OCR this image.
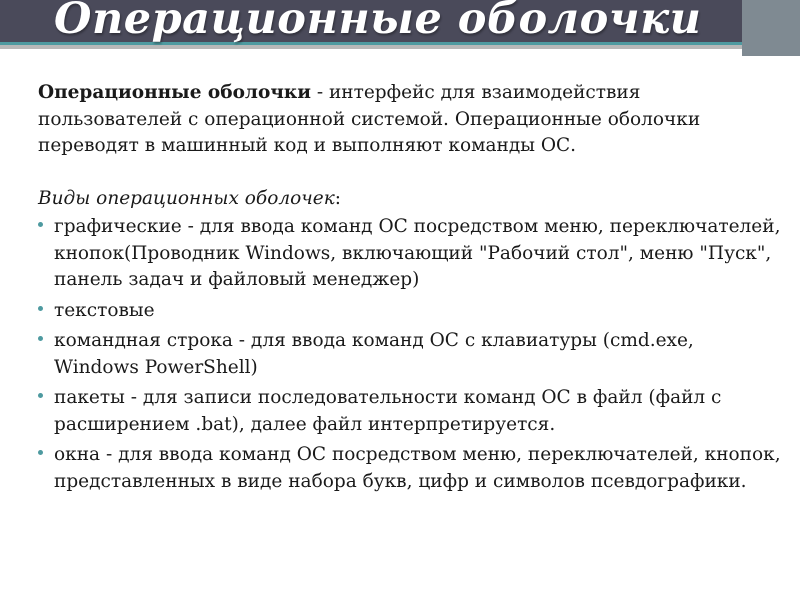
Операционные оболочки

Операционные оболочки - интерфейс для взаимодействия пользователей с операционной системой. Операционные оболочки переводят в машинный код и выполняют команды ОС.

Виды операционных оболочек:

графические - для ввода команд ОС посредством меню, переключателей, кнопок(Проводник Windows, включающий "Рабочий стол", меню "Пуск", панель задач и файловый менеджер)
текстовые
командная строка - для ввода команд ОС с клавиатуры (cmd.exe, Windows PowerShell)
пакеты - для записи последовательности команд ОС в файл (файл с расширением .bat), далее файл интерпретируется.
окна - для ввода команд ОС посредством меню, переключателей, кнопок, представленных в виде набора букв, цифр и символов псевдографики.
